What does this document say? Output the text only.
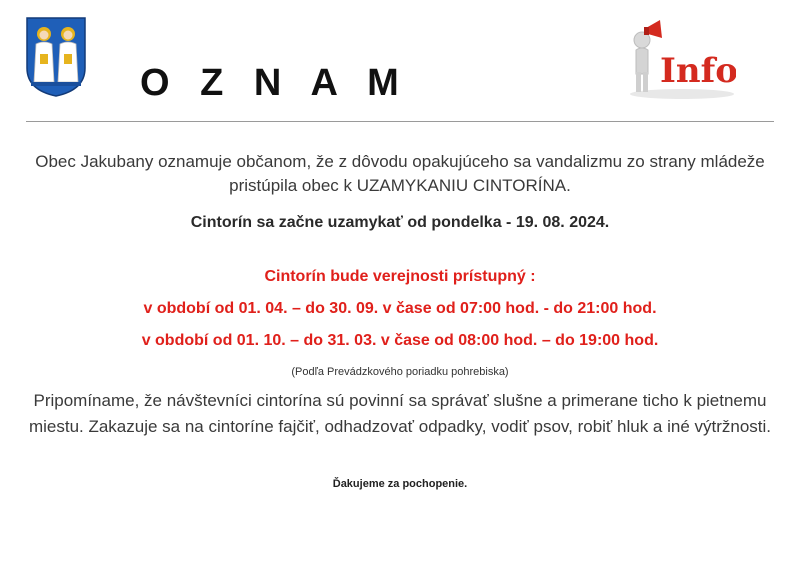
O Z N A M	Info

Obec Jakubany oznamuje občanom, že z dôvodu opakujúceho sa vandalizmu zo strany mládeže pristúpila obec k UZAMYKANIU CINTORÍNA.

Cintorín sa začne uzamykať od pondelka - 19. 08. 2024.

Cintorín bude verejnosti prístupný :

v období od 01. 04. – do 30. 09. v čase od 07:00 hod. - do 21:00 hod.

v období od 01. 10. – do 31. 03. v čase od 08:00 hod. – do 19:00 hod.

(Podľa Prevádzkového poriadku pohrebiska)

Pripomíname, že návštevníci cintorína sú povinní sa správať slušne a primerane ticho k pietnemu miestu. Zakazuje sa na cintoríne fajčiť, odhadzovať odpadky, vodiť psov, robiť hluk a iné výtržnosti.

Ďakujeme za pochopenie.
